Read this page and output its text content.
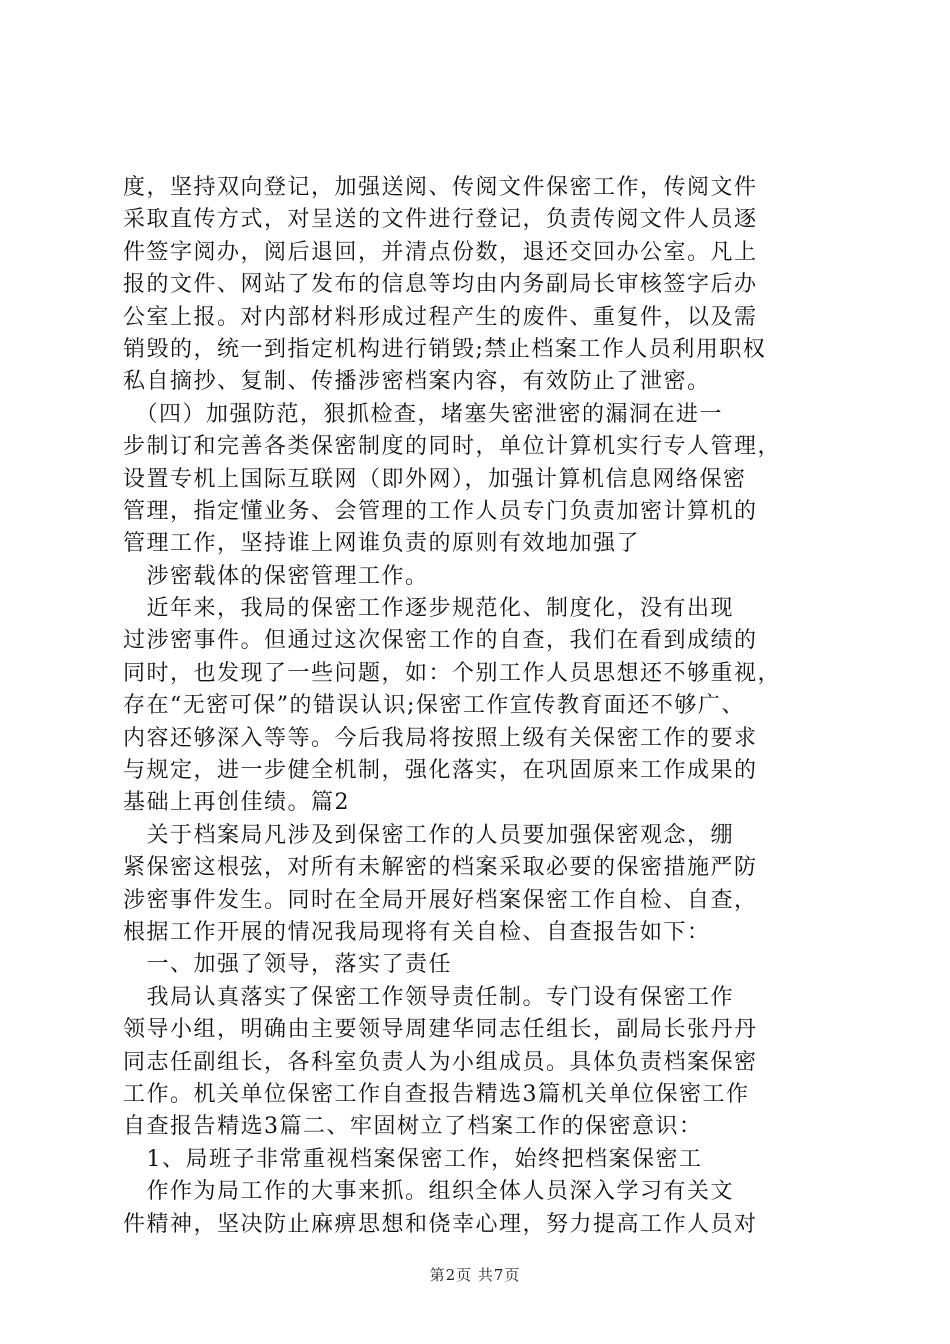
度，坚持双向登记，加强送阅、传阅文件保密工作，传阅文件
采取直传方式，对呈送的文件进行登记，负责传阅文件人员逐
件签字阅办，阅后退回，并清点份数，退还交回办公室。凡上
报的文件、网站了发布的信息等均由内务副局长审核签字后办
公室上报。对内部材料形成过程产生的废件、重复件，以及需
销毁的，统一到指定机构进行销毁;禁止档案工作人员利用职权
私自摘抄、复制、传播涉密档案内容，有效防止了泄密。
　（四）加强防范，狠抓检查，堵塞失密泄密的漏洞在进一
步制订和完善各类保密制度的同时，单位计算机实行专人管理，
设置专机上国际互联网（即外网），加强计算机信息网络保密
管理，指定懂业务、会管理的工作人员专门负责加密计算机的
管理工作，坚持谁上网谁负责的原则有效地加强了
　涉密载体的保密管理工作。
　近年来，我局的保密工作逐步规范化、制度化，没有出现
过涉密事件。但通过这次保密工作的自查，我们在看到成绩的
同时，也发现了一些问题，如：个别工作人员思想还不够重视，
存在“无密可保”的错误认识;保密工作宣传教育面还不够广、
内容还够深入等等。今后我局将按照上级有关保密工作的要求
与规定，进一步健全机制，强化落实，在巩固原来工作成果的
基础上再创佳绩。篇2
　关于档案局凡涉及到保密工作的人员要加强保密观念，绷
紧保密这根弦，对所有未解密的档案采取必要的保密措施严防
涉密事件发生。同时在全局开展好档案保密工作自检、自查，
根据工作开展的情况我局现将有关自检、自查报告如下：
　一、加强了领导，落实了责任
　我局认真落实了保密工作领导责任制。专门设有保密工作
领导小组，明确由主要领导周建华同志任组长，副局长张丹丹
同志任副组长，各科室负责人为小组成员。具体负责档案保密
工作。机关单位保密工作自查报告精选3篇机关单位保密工作
自查报告精选3篇二、牢固树立了档案工作的保密意识：
　1、局班子非常重视档案保密工作，始终把档案保密工
　作作为局工作的大事来抓。组织全体人员深入学习有关文
件精神，坚决防止麻痹思想和侥幸心理，努力提高工作人员对
第2页 共7页
